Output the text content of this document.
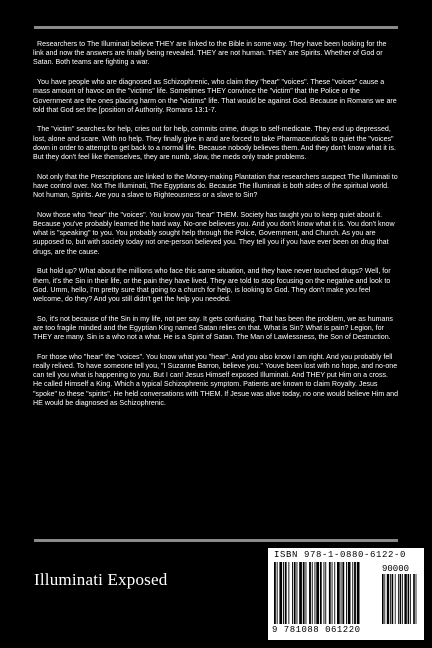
Researchers to The Illuminati believe THEY are linked to the Bible in some way. They have been looking for the link and now the answers are finally being revealed. THEY are not human. THEY are Spirits. Whether of God or Satan. Both teams are fighting a war.

You have people who are diagnosed as Schizophrenic, who claim they "hear" "voices". These "voices" cause a mass amount of havoc on the "victims" life. Sometimes THEY convince the "victim" that the Police or the Government are the ones placing harm on the "victims" life. That would be against God. Because in Romans we are told that God set the [position of Authority. Romans 13:1-7.

The "victim" searches for help, cries out for help, commits crime, drugs to self-medicate. They end up depressed, lost, alone and scare. With no help. They finally give in and are forced to take Pharmaceuticals to quiet the "voices" down in order to attempt to get back to a normal life. Because nobody believes them. And they don't know what it is. But they don't feel like themselves, they are numb, slow, the meds only trade problems.

Not only that the Prescriptions are linked to the Money-making Plantation that researchers suspect The Illuminati to have control over. Not The Illuminati, The Egyptians do. Because The Illuminati is both sides of the spiritual world. Not human, Spirits. Are you a slave to Righteousness or a slave to Sin?

Now those who "hear" the "voices". You know you "hear" THEM. Society has taught you to keep quiet about it. Because you've probably learned the hard way. No-one believes you. And you don't know what it is. You don't know what is "speaking" to you. You probably sought help through the Police, Government, and Church. As you are supposed to, but with society today not one-person believed you. They tell you if you have ever been on drug that drugs, are the cause.

But hold up? What about the millions who face this same situation, and they have never touched drugs? Well, for them, it's the Sin in their life, or the pain they have lived. They are told to stop focusing on the negative and look to God. Umm, hello, I'm pretty sure that going to a church for help, is looking to God. They don't make you feel welcome, do they? And you still didn't get the help you needed.

So, it's not because of the Sin in my life, not per say. It gets confusing. That has been the problem, we as humans are too fragile minded and the Egyptian King named Satan relies on that. What is Sin? What is pain? Legion, for THEY are many. Sin is a who not a what. He is a Spirit of Satan. The Man of Lawlessness, the Son of Destruction.

For those who "hear" the "voices". You know what you "hear". And you also know I am right. And you probably fell really relived. To have someone tell you, "I Suzanne Barron, believe you." Youve been lost with no hope, and no-one can tell you what is happening to you. But I can! Jesus Himself exposed Illuminati. And THEY put Him on a cross. He called Himself a King. Which a typical Schizophrenic symptom. Patients are known to claim Royalty. Jesus "spoke" to these "spirits". He held conversations with THEM. If Jesue was alive today, no one would believe Him and HE would be diagnosed as Schizophrenic.

Illuminati Exposed
ISBN 978-1-0880-6122-0
90000
9 781088 061220
